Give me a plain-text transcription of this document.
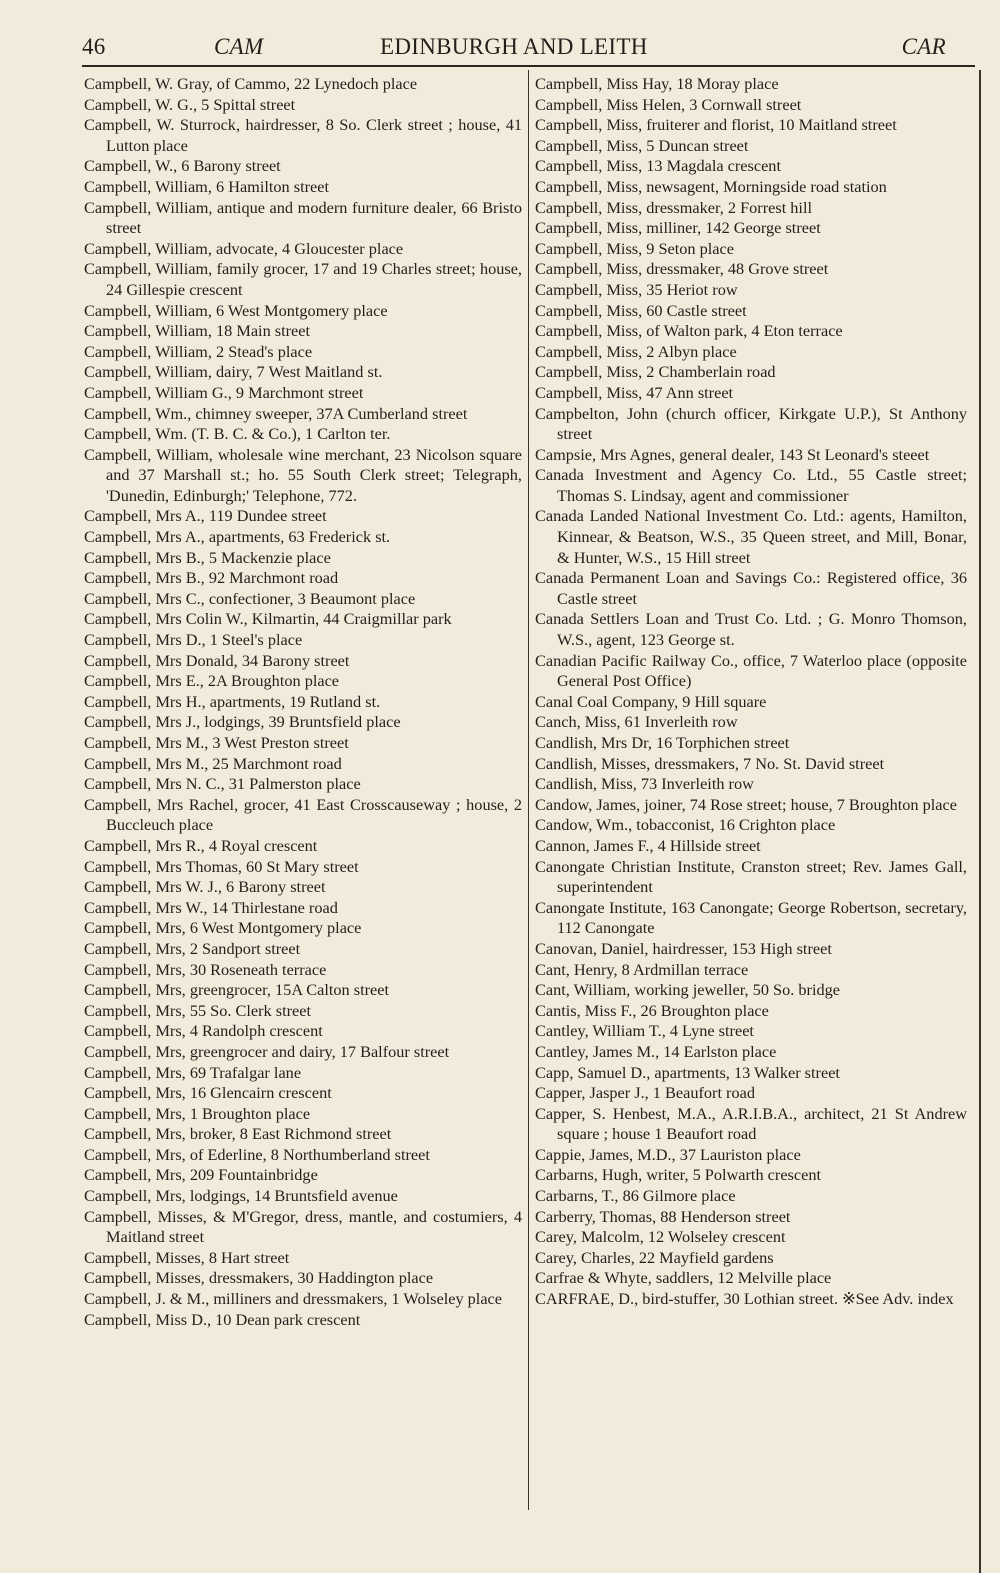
46	CAM	EDINBURGH AND LEITH	CAR

Campbell, W. Gray, of Cammo, 22 Lynedoch place

Campbell, W. G., 5 Spittal street

Campbell, W. Sturrock, hairdresser, 8 So. Clerk street ; house, 41 Lutton place

Campbell, W., 6 Barony street

Campbell, William, 6 Hamilton street

Campbell, William, antique and modern furniture dealer, 66 Bristo street

Campbell, William, advocate, 4 Gloucester place

Campbell, William, family grocer, 17 and 19 Charles street; house, 24 Gillespie crescent

Campbell, William, 6 West Montgomery place

Campbell, William, 18 Main street

Campbell, William, 2 Stead's place

Campbell, William, dairy, 7 West Maitland st.

Campbell, William G., 9 Marchmont street

Campbell, Wm., chimney sweeper, 37A Cumberland street

Campbell, Wm. (T. B. C. & Co.), 1 Carlton ter.

Campbell, William, wholesale wine merchant, 23 Nicolson square and 37 Marshall st.; ho. 55 South Clerk street; Telegraph, 'Dunedin, Edinburgh;' Telephone, 772.

Campbell, Mrs A., 119 Dundee street

Campbell, Mrs A., apartments, 63 Frederick st.

Campbell, Mrs B., 5 Mackenzie place

Campbell, Mrs B., 92 Marchmont road

Campbell, Mrs C., confectioner, 3 Beaumont place

Campbell, Mrs Colin W., Kilmartin, 44 Craigmillar park

Campbell, Mrs D., 1 Steel's place

Campbell, Mrs Donald, 34 Barony street

Campbell, Mrs E., 2A Broughton place

Campbell, Mrs H., apartments, 19 Rutland st.

Campbell, Mrs J., lodgings, 39 Bruntsfield place

Campbell, Mrs M., 3 West Preston street

Campbell, Mrs M., 25 Marchmont road

Campbell, Mrs N. C., 31 Palmerston place

Campbell, Mrs Rachel, grocer, 41 East Crosscauseway ; house, 2 Buccleuch place

Campbell, Mrs R., 4 Royal crescent

Campbell, Mrs Thomas, 60 St Mary street

Campbell, Mrs W. J., 6 Barony street

Campbell, Mrs W., 14 Thirlestane road

Campbell, Mrs, 6 West Montgomery place

Campbell, Mrs, 2 Sandport street

Campbell, Mrs, 30 Roseneath terrace

Campbell, Mrs, greengrocer, 15A Calton street

Campbell, Mrs, 55 So. Clerk street

Campbell, Mrs, 4 Randolph crescent

Campbell, Mrs, greengrocer and dairy, 17 Balfour street

Campbell, Mrs, 69 Trafalgar lane

Campbell, Mrs, 16 Glencairn crescent

Campbell, Mrs, 1 Broughton place

Campbell, Mrs, broker, 8 East Richmond street

Campbell, Mrs, of Ederline, 8 Northumberland street

Campbell, Mrs, 209 Fountainbridge

Campbell, Mrs, lodgings, 14 Bruntsfield avenue

Campbell, Misses, & M'Gregor, dress, mantle, and costumiers, 4 Maitland street

Campbell, Misses, 8 Hart street

Campbell, Misses, dressmakers, 30 Haddington place

Campbell, J. & M., milliners and dressmakers, 1 Wolseley place

Campbell, Miss D., 10 Dean park crescent

Campbell, Miss Hay, 18 Moray place

Campbell, Miss Helen, 3 Cornwall street

Campbell, Miss, fruiterer and florist, 10 Maitland street

Campbell, Miss, 5 Duncan street

Campbell, Miss, 13 Magdala crescent

Campbell, Miss, newsagent, Morningside road station

Campbell, Miss, dressmaker, 2 Forrest hill

Campbell, Miss, milliner, 142 George street

Campbell, Miss, 9 Seton place

Campbell, Miss, dressmaker, 48 Grove street

Campbell, Miss, 35 Heriot row

Campbell, Miss, 60 Castle street

Campbell, Miss, of Walton park, 4 Eton terrace

Campbell, Miss, 2 Albyn place

Campbell, Miss, 2 Chamberlain road

Campbell, Miss, 47 Ann street

Campbelton, John (church officer, Kirkgate U.P.), St Anthony street

Campsie, Mrs Agnes, general dealer, 143 St Leonard's steeet

Canada Investment and Agency Co. Ltd., 55 Castle street; Thomas S. Lindsay, agent and commissioner

Canada Landed National Investment Co. Ltd.: agents, Hamilton, Kinnear, & Beatson, W.S., 35 Queen street, and Mill, Bonar, & Hunter, W.S., 15 Hill street

Canada Permanent Loan and Savings Co.: Registered office, 36 Castle street

Canada Settlers Loan and Trust Co. Ltd. ; G. Monro Thomson, W.S., agent, 123 George st.

Canadian Pacific Railway Co., office, 7 Waterloo place (opposite General Post Office)

Canal Coal Company, 9 Hill square

Canch, Miss, 61 Inverleith row

Candlish, Mrs Dr, 16 Torphichen street

Candlish, Misses, dressmakers, 7 No. St. David street

Candlish, Miss, 73 Inverleith row

Candow, James, joiner, 74 Rose street; house, 7 Broughton place

Candow, Wm., tobacconist, 16 Crighton place

Cannon, James F., 4 Hillside street

Canongate Christian Institute, Cranston street; Rev. James Gall, superintendent

Canongate Institute, 163 Canongate; George Robertson, secretary, 112 Canongate

Canovan, Daniel, hairdresser, 153 High street

Cant, Henry, 8 Ardmillan terrace

Cant, William, working jeweller, 50 So. bridge

Cantis, Miss F., 26 Broughton place

Cantley, William T., 4 Lyne street

Cantley, James M., 14 Earlston place

Capp, Samuel D., apartments, 13 Walker street

Capper, Jasper J., 1 Beaufort road

Capper, S. Henbest, M.A., A.R.I.B.A., architect, 21 St Andrew square ; house 1 Beaufort road

Cappie, James, M.D., 37 Lauriston place

Carbarns, Hugh, writer, 5 Polwarth crescent

Carbarns, T., 86 Gilmore place

Carberry, Thomas, 88 Henderson street

Carey, Malcolm, 12 Wolseley crescent

Carey, Charles, 22 Mayfield gardens

Carfrae & Whyte, saddlers, 12 Melville place

CARFRAE, D., bird-stuffer, 30 Lothian street. ※See Adv. index
